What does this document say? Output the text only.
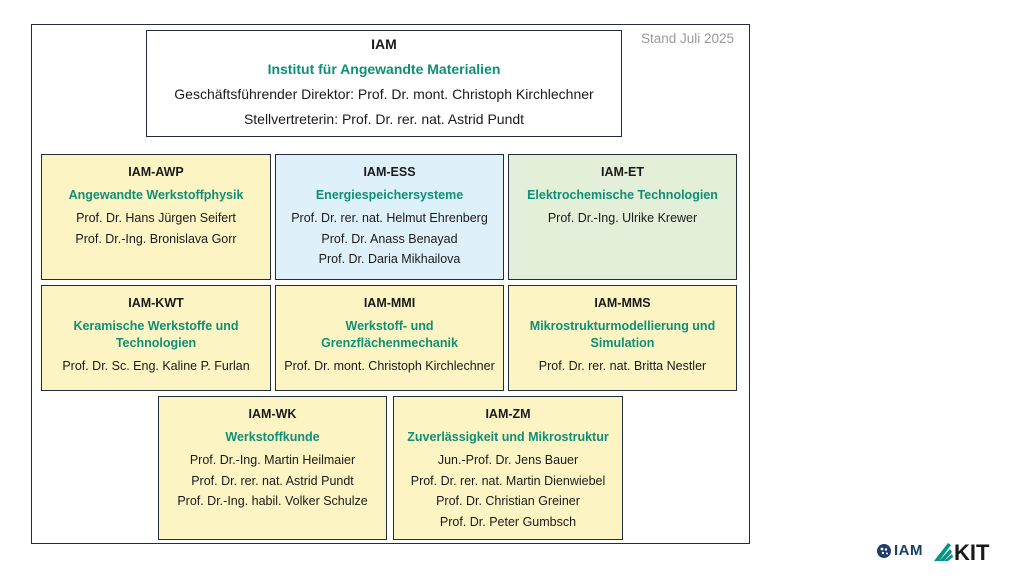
Stand Juli 2025
IAM
Institut für Angewandte Materialien
Geschäftsführender Direktor: Prof. Dr. mont. Christoph Kirchlechner
Stellvertreterin: Prof. Dr. rer. nat. Astrid Pundt
IAM-AWP
Angewandte Werkstoffphysik
Prof. Dr. Hans Jürgen Seifert
Prof. Dr.-Ing. Bronislava Gorr
IAM-ESS
Energiespeichersysteme
Prof. Dr. rer. nat. Helmut Ehrenberg
Prof. Dr. Anass Benayad
Prof. Dr. Daria Mikhailova
IAM-ET
Elektrochemische Technologien
Prof. Dr.-Ing. Ulrike Krewer
IAM-KWT
Keramische Werkstoffe und Technologien
Prof. Dr. Sc. Eng. Kaline P. Furlan
IAM-MMI
Werkstoff- und Grenzflächenmechanik
Prof. Dr. mont. Christoph Kirchlechner
IAM-MMS
Mikrostrukturmodellierung und Simulation
Prof. Dr. rer. nat. Britta Nestler
IAM-WK
Werkstoffkunde
Prof. Dr.-Ing. Martin Heilmaier
Prof. Dr. rer. nat. Astrid Pundt
Prof. Dr.-Ing. habil. Volker Schulze
IAM-ZM
Zuverlässigkeit und Mikrostruktur
Jun.-Prof. Dr. Jens Bauer
Prof. Dr. rer. nat. Martin Dienwiebel
Prof. Dr. Christian Greiner
Prof. Dr. Peter Gumbsch
IAM KIT
